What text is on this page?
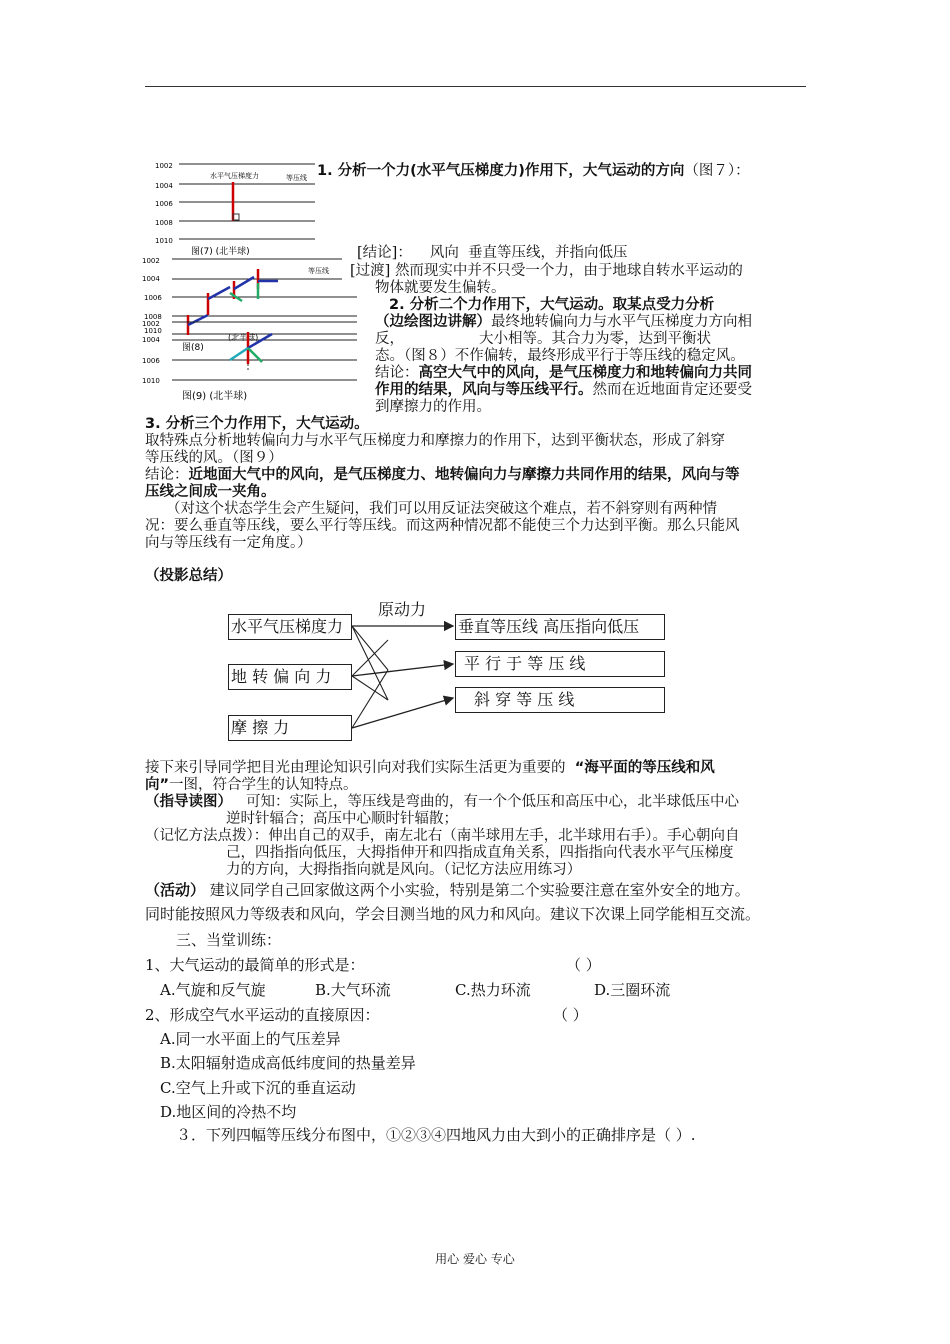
1002
1004
1006
1008
1010
水平气压梯度力	等压线
图(7) (北半球)
等压线
1002
1004
1006
1008
1010
图(8)
(北半球)
1002
1004
1006
1010
图(9) (北半球)
1. 分析一个力(水平气压梯度力)作用下，大气运动的方向（图７）：
[结论]： 风向 垂直等压线，并指向低压
[过渡] 然而现实中并不只受一个力，由于地球自转水平运动的
物体就要发生偏转。
2. 分析二个力作用下，大气运动。取某点受力分析
（边绘图边讲解）最终地转偏向力与水平气压梯度力方向相
反，	大小相等。其合力为零，达到平衡状
态。（图８）不作偏转，最终形成平行于等压线的稳定风。
结论：高空大气中的风向，是气压梯度力和地转偏向力共同
作用的结果，风向与等压线平行。然而在近地面肯定还要受
到摩擦力的作用。
3. 分析三个力作用下，大气运动。
取特殊点分析地转偏向力与水平气压梯度力和摩擦力的作用下，达到平衡状态，形成了斜穿
等压线的风。（图９）
结论：近地面大气中的风向，是气压梯度力、地转偏向力与摩擦力共同作用的结果，风向与等
压线之间成一夹角。
（对这个状态学生会产生疑问，我们可以用反证法突破这个难点，若不斜穿则有两种情
况：要么垂直等压线，要么平行等压线。而这两种情况都不能使三个力达到平衡。那么只能风
向与等压线有一定角度。）
（投影总结）
水平气压梯度力
地 转 偏 向 力
摩 擦 力
原动力
垂直等压线 高压指向低压
平 行 于 等 压 线
斜 穿 等 压 线
接下来引导同学把目光由理论知识引向对我们实际生活更为重要的 “海平面的等压线和风
向”一图，符合学生的认知特点。
（指导读图） 可知：实际上，等压线是弯曲的，有一个个低压和高压中心，北半球低压中心
逆时针辐合；高压中心顺时针辐散；
（记忆方法点拨）：伸出自己的双手，南左北右（南半球用左手，北半球用右手）。手心朝向自
己，四指指向低压，大拇指伸开和四指成直角关系，四指指向代表水平气压梯度
力的方向，大拇指指向就是风向。（记忆方法应用练习）
（活动） 建议同学自己回家做这两个小实验，特别是第二个实验要注意在室外安全的地方。
同时能按照风力等级表和风向，学会目测当地的风力和风向。建议下次课上同学能相互交流。
三、当堂训练：
1、大气运动的最简单的形式是：	（ ）
A.气旋和反气旋	B.大气环流	C.热力环流	D.三圈环流
2、形成空气水平运动的直接原因：	（ ）
A.同一水平面上的气压差异
B.太阳辐射造成高低纬度间的热量差异
C.空气上升或下沉的垂直运动
D.地区间的冷热不均
３．下列四幅等压线分布图中，①②③④四地风力由大到小的正确排序是（ ）.
用心 爱心 专心
